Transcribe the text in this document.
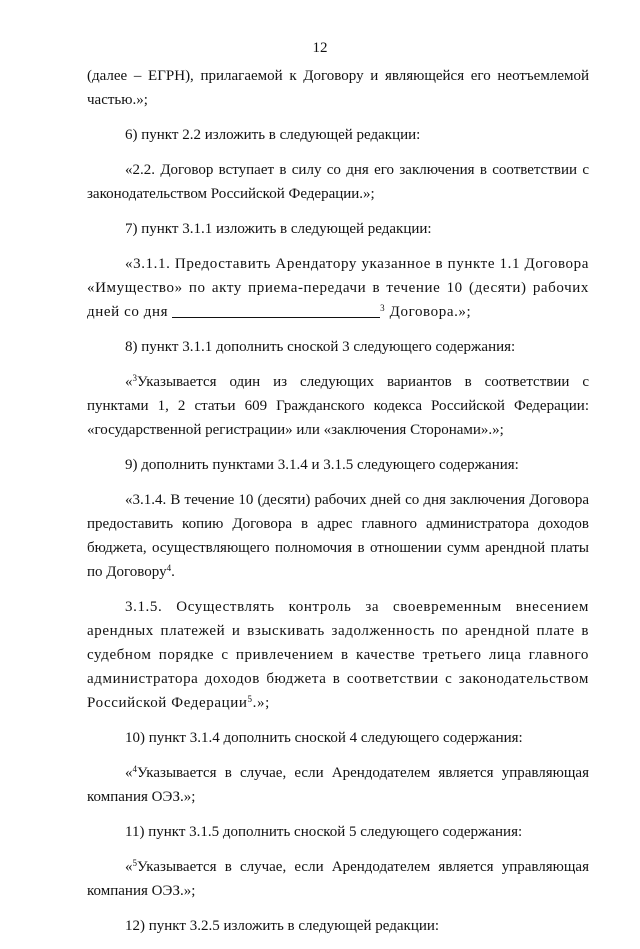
12

(далее – ЕГРН), прилагаемой к Договору и являющейся его неотъемлемой частью.»;

6) пункт 2.2 изложить в следующей редакции:

«2.2. Договор вступает в силу со дня его заключения в соответствии с законодательством Российской Федерации.»;

7) пункт 3.1.1 изложить в следующей редакции:

«3.1.1. Предоставить Арендатору указанное в пункте 1.1 Договора «Имущество» по акту приема-передачи в течение 10 (десяти) рабочих дней со дня	$^3$ Договора.»;

8) пункт 3.1.1 дополнить сноской 3 следующего содержания:

«$^3$Указывается один из следующих вариантов в соответствии с пунктами 1, 2 статьи 609 Гражданского кодекса Российской Федерации: «государственной регистрации» или «заключения Сторонами».»;

9) дополнить пунктами 3.1.4 и 3.1.5 следующего содержания:

«3.1.4. В течение 10 (десяти) рабочих дней со дня заключения Договора предоставить копию Договора в адрес главного администратора доходов бюджета, осуществляющего полномочия в отношении сумм арендной платы по Договору$^4$.

3.1.5. Осуществлять контроль за своевременным внесением арендных платежей и взыскивать задолженность по арендной плате в судебном порядке с привлечением в качестве третьего лица главного администратора доходов бюджета в соответствии с законодательством Российской Федерации$^5$.»;

10) пункт 3.1.4 дополнить сноской 4 следующего содержания:

«$^4$Указывается в случае, если Арендодателем является управляющая компания ОЭЗ.»;

11) пункт 3.1.5 дополнить сноской 5 следующего содержания:

«$^5$Указывается в случае, если Арендодателем является управляющая компания ОЭЗ.»;

12) пункт 3.2.5 изложить в следующей редакции:
